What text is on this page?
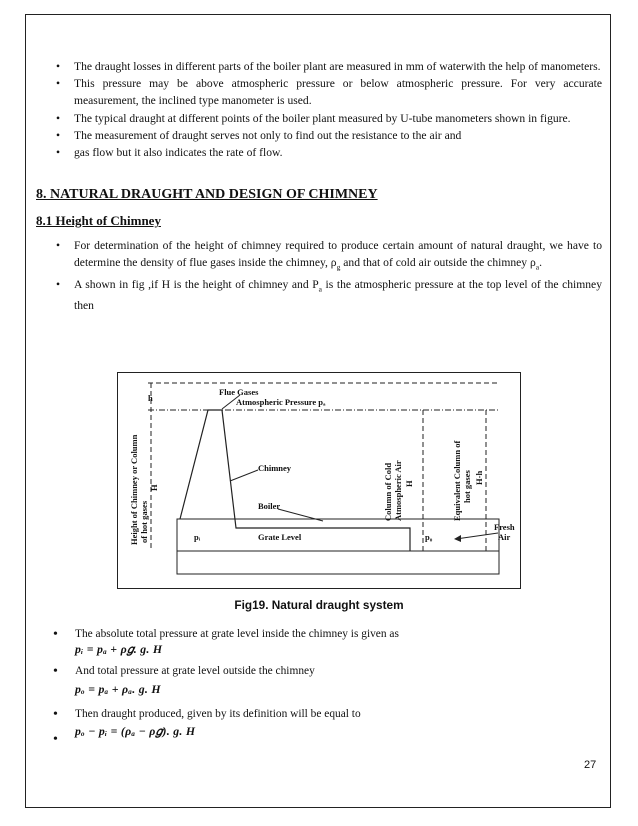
• The draught losses in different parts of the boiler plant are measured in mm of waterwith the help of manometers.
• This pressure may be above atmospheric pressure or below atmospheric pressure. For very accurate measurement, the inclined type manometer is used.
• The typical draught at different points of the boiler plant measured by U-tube manometers shown in figure.
• The measurement of draught serves not only to find out the resistance to the air and
• gas flow but it also indicates the rate of flow.
8. NATURAL DRAUGHT AND DESIGN OF CHIMNEY
8.1 Height of Chimney
• For determination of the height of chimney required to produce certain amount of natural draught, we have to determine the density of flue gases inside the chimney, $\rho_g$ and that of cold air outside the chimney $\rho_a$.
• A shown in fig ,if H is the height of chimney and $P_a$ is the atmospheric pressure at the top level of the chimney then
Flue Gases
Atmospheric Pressure pₐ
Chimney
Boiler
Grate Level
pᵢ	p₀
Fresh
Air
h
Height of Chimney or Column of hot gases
H	Column of Cold Atmospheric Air H	Equivalent Column of hot gases H-h
Fig19. Natural draught system
• The absolute total pressure at grate level inside the chimney is given as
pᵢ = pₐ + ρ𝑔. g. H
• And total pressure at grate level outside the chimney
pₒ = pₐ + ρₐ. g. H
• Then draught produced, given by its definition will be equal to
pₒ − pᵢ = (ρₐ − ρ𝑔). g. H
•
27
